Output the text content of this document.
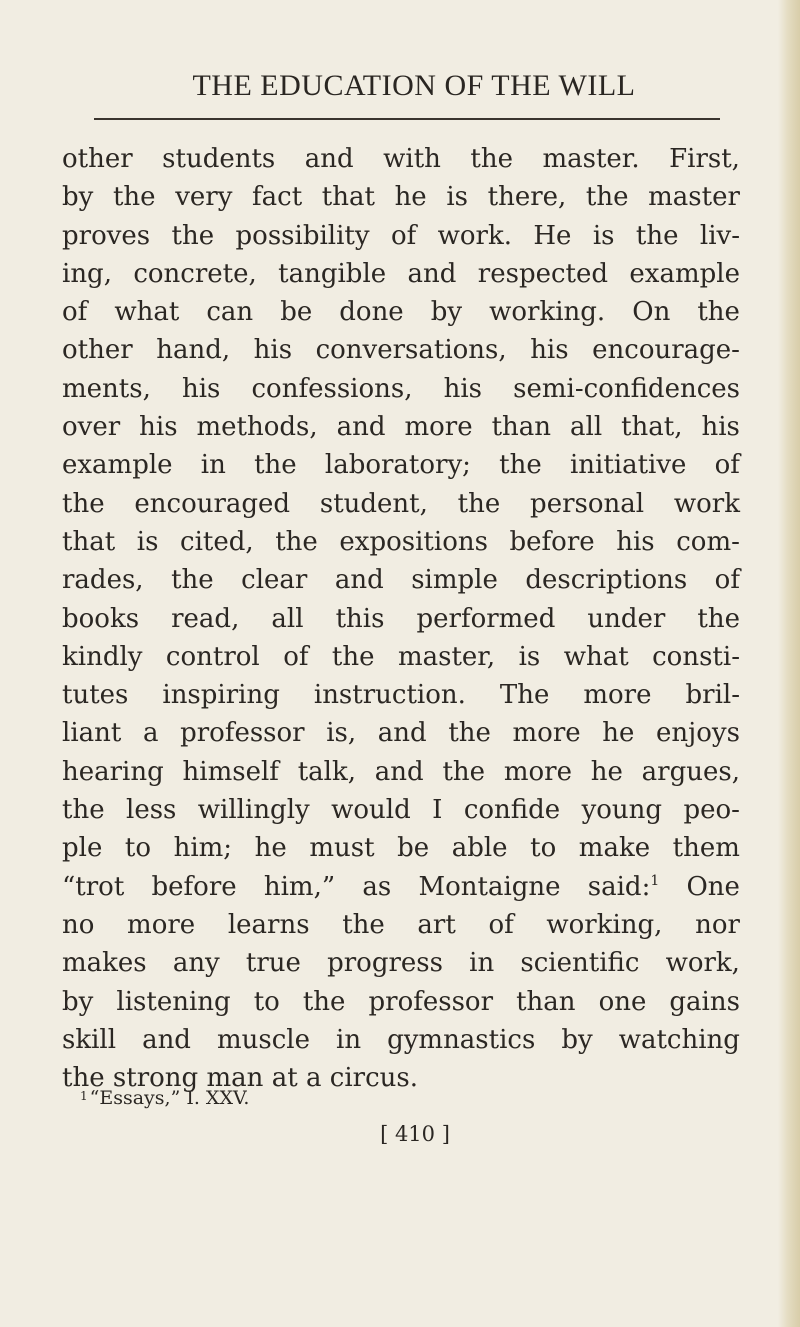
THE EDUCATION OF THE WILL
other students and with the master. First,
by the very fact that he is there, the master
proves the possibility of work. He is the liv-
ing, concrete, tangible and respected example
of what can be done by working. On the
other hand, his conversations, his encourage-
ments, his confessions, his semi-confidences
over his methods, and more than all that, his
example in the laboratory; the initiative of
the encouraged student, the personal work
that is cited, the expositions before his com-
rades, the clear and simple descriptions of
books read, all this performed under the
kindly control of the master, is what consti-
tutes inspiring instruction. The more bril-
liant a professor is, and the more he enjoys
hearing himself talk, and the more he argues,
the less willingly would I confide young peo-
ple to him; he must be able to make them
“trot before him,” as Montaigne said:$^1$ One
no more learns the art of working, nor
makes any true progress in scientific work,
by listening to the professor than one gains
skill and muscle in gymnastics by watching
the strong man at a circus.
$^1$ “Essays,” I. XXV.
[ 410 ]
